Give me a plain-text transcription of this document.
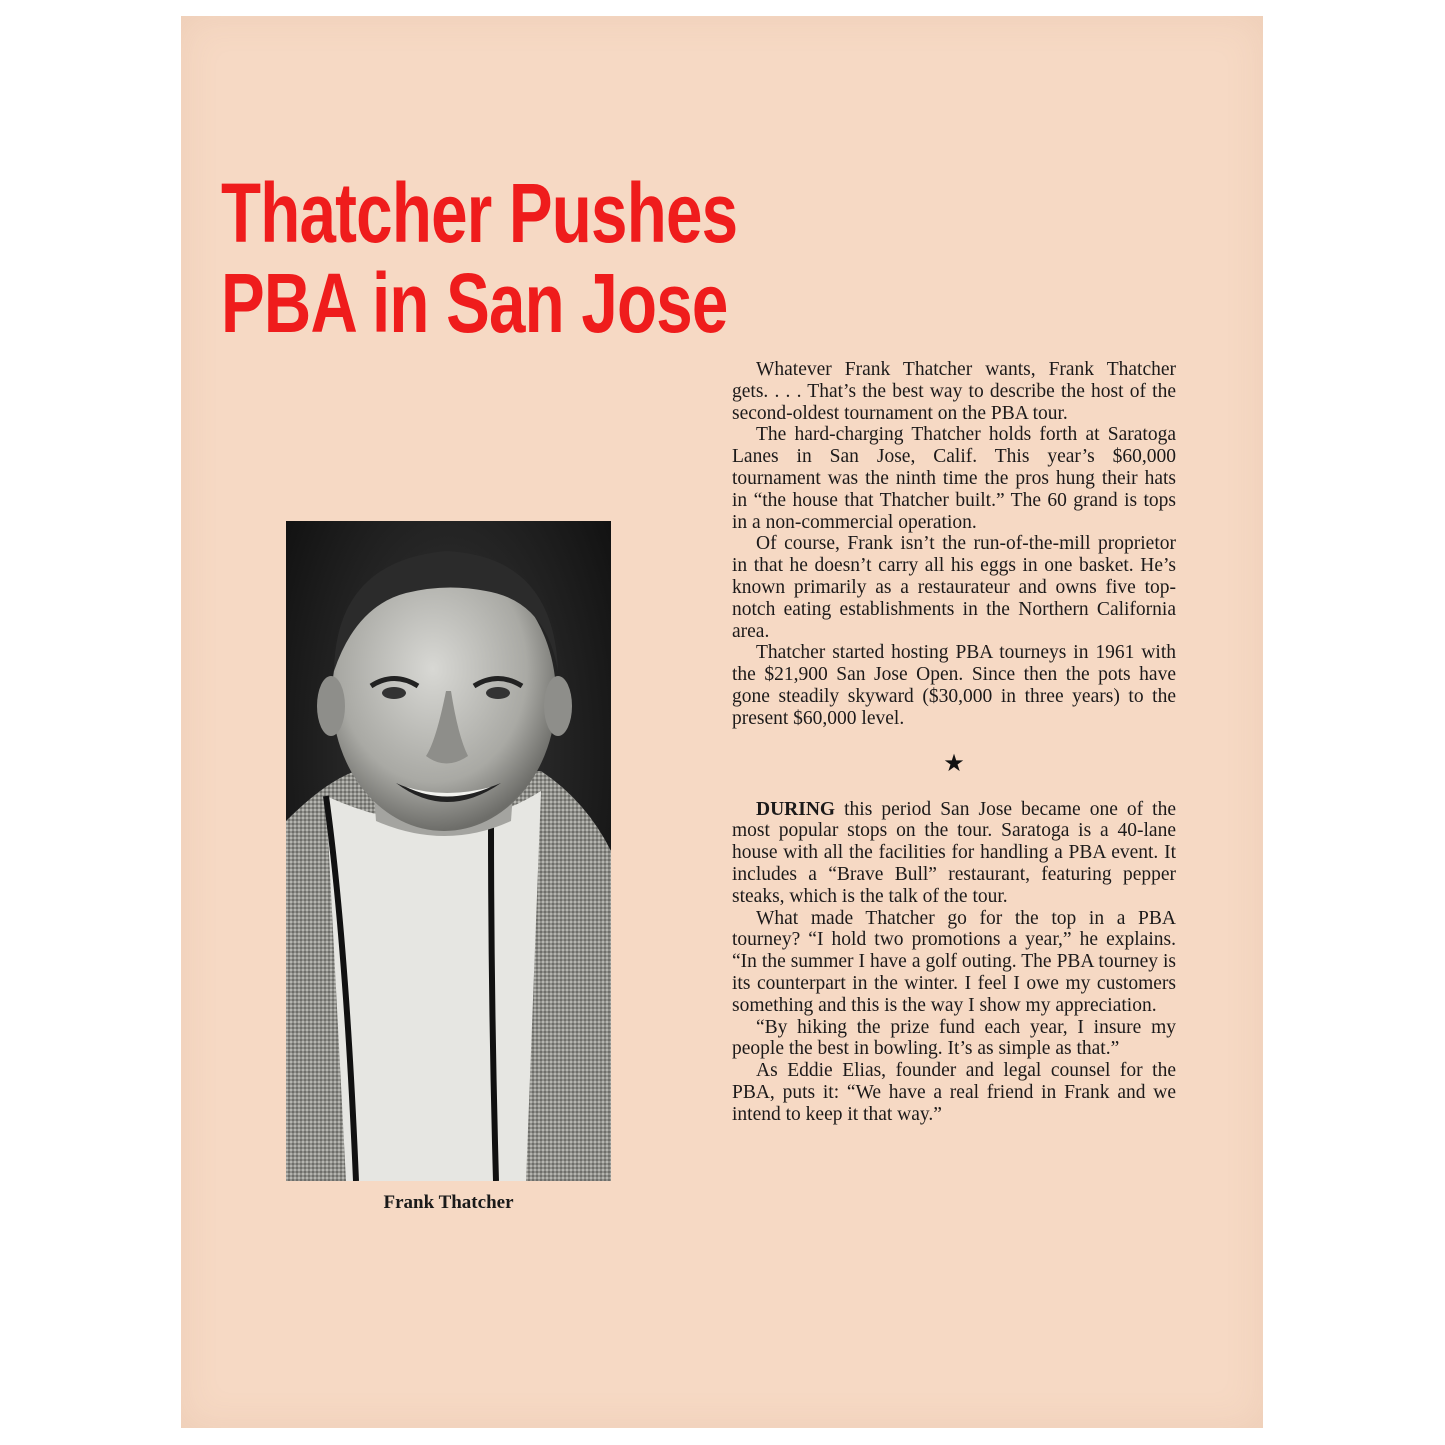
Thatcher Pushes
PBA in San Jose
Frank Thatcher

Whatever Frank Thatcher wants, Frank Thatcher gets. . . . That’s the best way to describe the host of the second-oldest tournament on the PBA tour.

The hard-charging Thatcher holds forth at Saratoga Lanes in San Jose, Calif. This year’s $60,000 tournament was the ninth time the pros hung their hats in “the house that Thatcher built.” The 60 grand is tops in a non-commercial operation.

Of course, Frank isn’t the run-of-the-mill proprietor in that he doesn’t carry all his eggs in one basket. He’s known primarily as a restaurateur and owns five top-notch eating establishments in the Northern California area.

Thatcher started hosting PBA tourneys in 1961 with the $21,900 San Jose Open. Since then the pots have gone steadily skyward ($30,000 in three years) to the present $60,000 level.

★

DURING this period San Jose became one of the most popular stops on the tour. Saratoga is a 40-lane house with all the facilities for handling a PBA event. It includes a “Brave Bull” restaurant, featuring pepper steaks, which is the talk of the tour.

What made Thatcher go for the top in a PBA tourney? “I hold two promotions a year,” he explains. “In the summer I have a golf outing. The PBA tourney is its counterpart in the winter. I feel I owe my customers something and this is the way I show my appreciation.

“By hiking the prize fund each year, I insure my people the best in bowling. It’s as simple as that.”

As Eddie Elias, founder and legal counsel for the PBA, puts it: “We have a real friend in Frank and we intend to keep it that way.”
